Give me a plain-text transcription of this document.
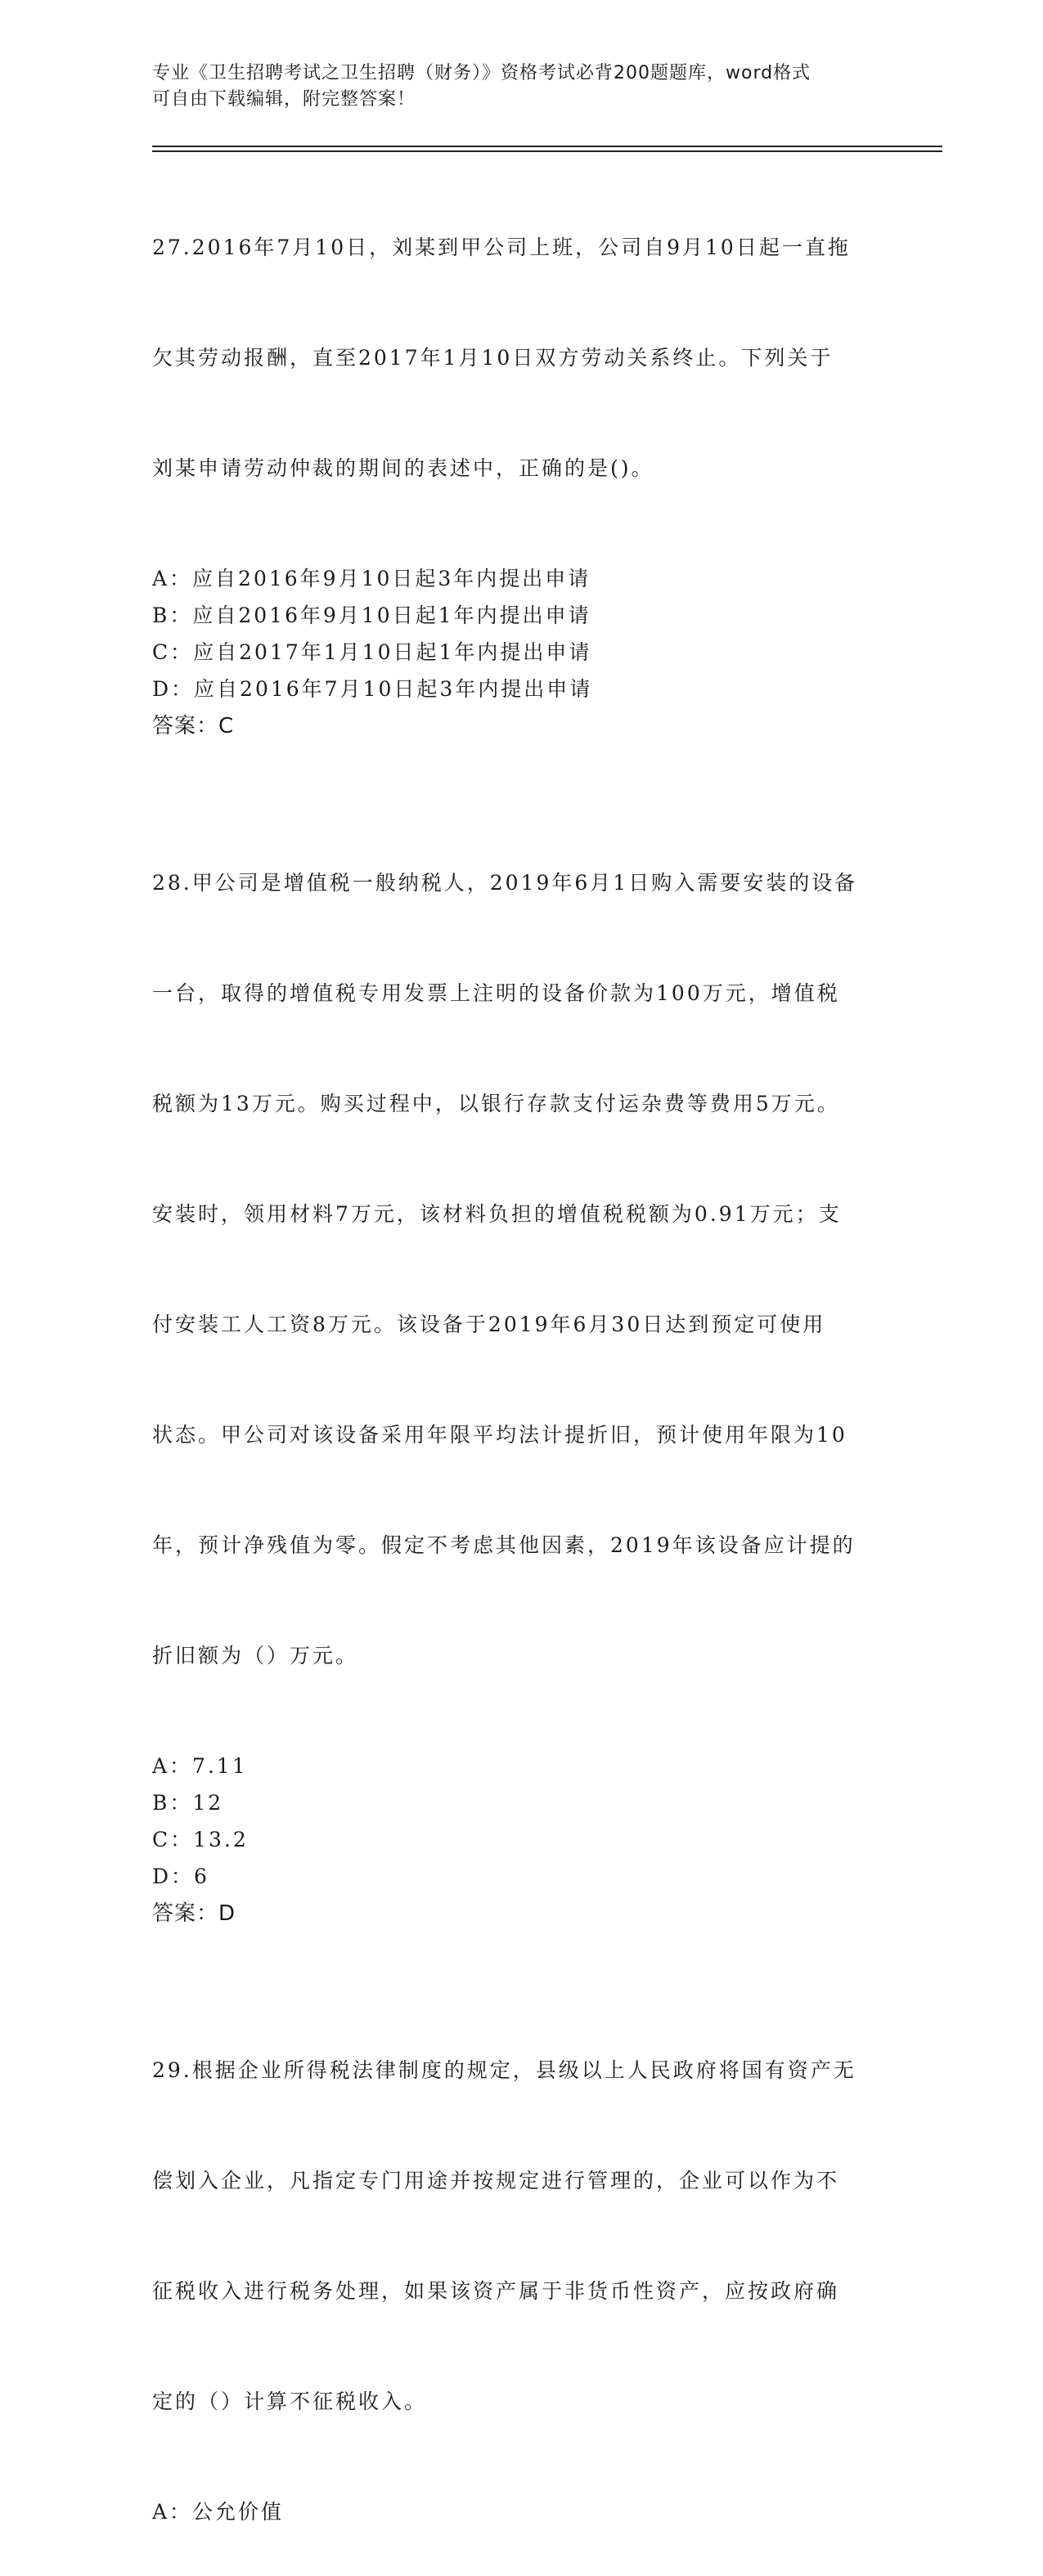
专业《卫生招聘考试之卫生招聘（财务）》资格考试必背200题题库，word格式
可自由下载编辑，附完整答案！

27.2016年7月10日，刘某到甲公司上班，公司自9月10日起一直拖

欠其劳动报酬，直至2017年1月10日双方劳动关系终止。下列关于

刘某申请劳动仲裁的期间的表述中，正确的是()。

A：应自2016年9月10日起3年内提出申请
B：应自2016年9月10日起1年内提出申请
C：应自2017年1月10日起1年内提出申请
D：应自2016年7月10日起3年内提出申请
答案：C

28.甲公司是增值税一般纳税人，2019年6月1日购入需要安装的设备

一台，取得的增值税专用发票上注明的设备价款为100万元，增值税

税额为13万元。购买过程中，以银行存款支付运杂费等费用5万元。

安装时，领用材料7万元，该材料负担的增值税税额为0.91万元；支

付安装工人工资8万元。该设备于2019年6月30日达到预定可使用

状态。甲公司对该设备采用年限平均法计提折旧，预计使用年限为10

年，预计净残值为零。假定不考虑其他因素，2019年该设备应计提的

折旧额为（）万元。

A：7.11
B：12
C：13.2
D：6
答案：D

29.根据企业所得税法律制度的规定，县级以上人民政府将国有资产无

偿划入企业，凡指定专门用途并按规定进行管理的，企业可以作为不

征税收入进行税务处理，如果该资产属于非货币性资产，应按政府确

定的（）计算不征税收入。

A：公允价值
